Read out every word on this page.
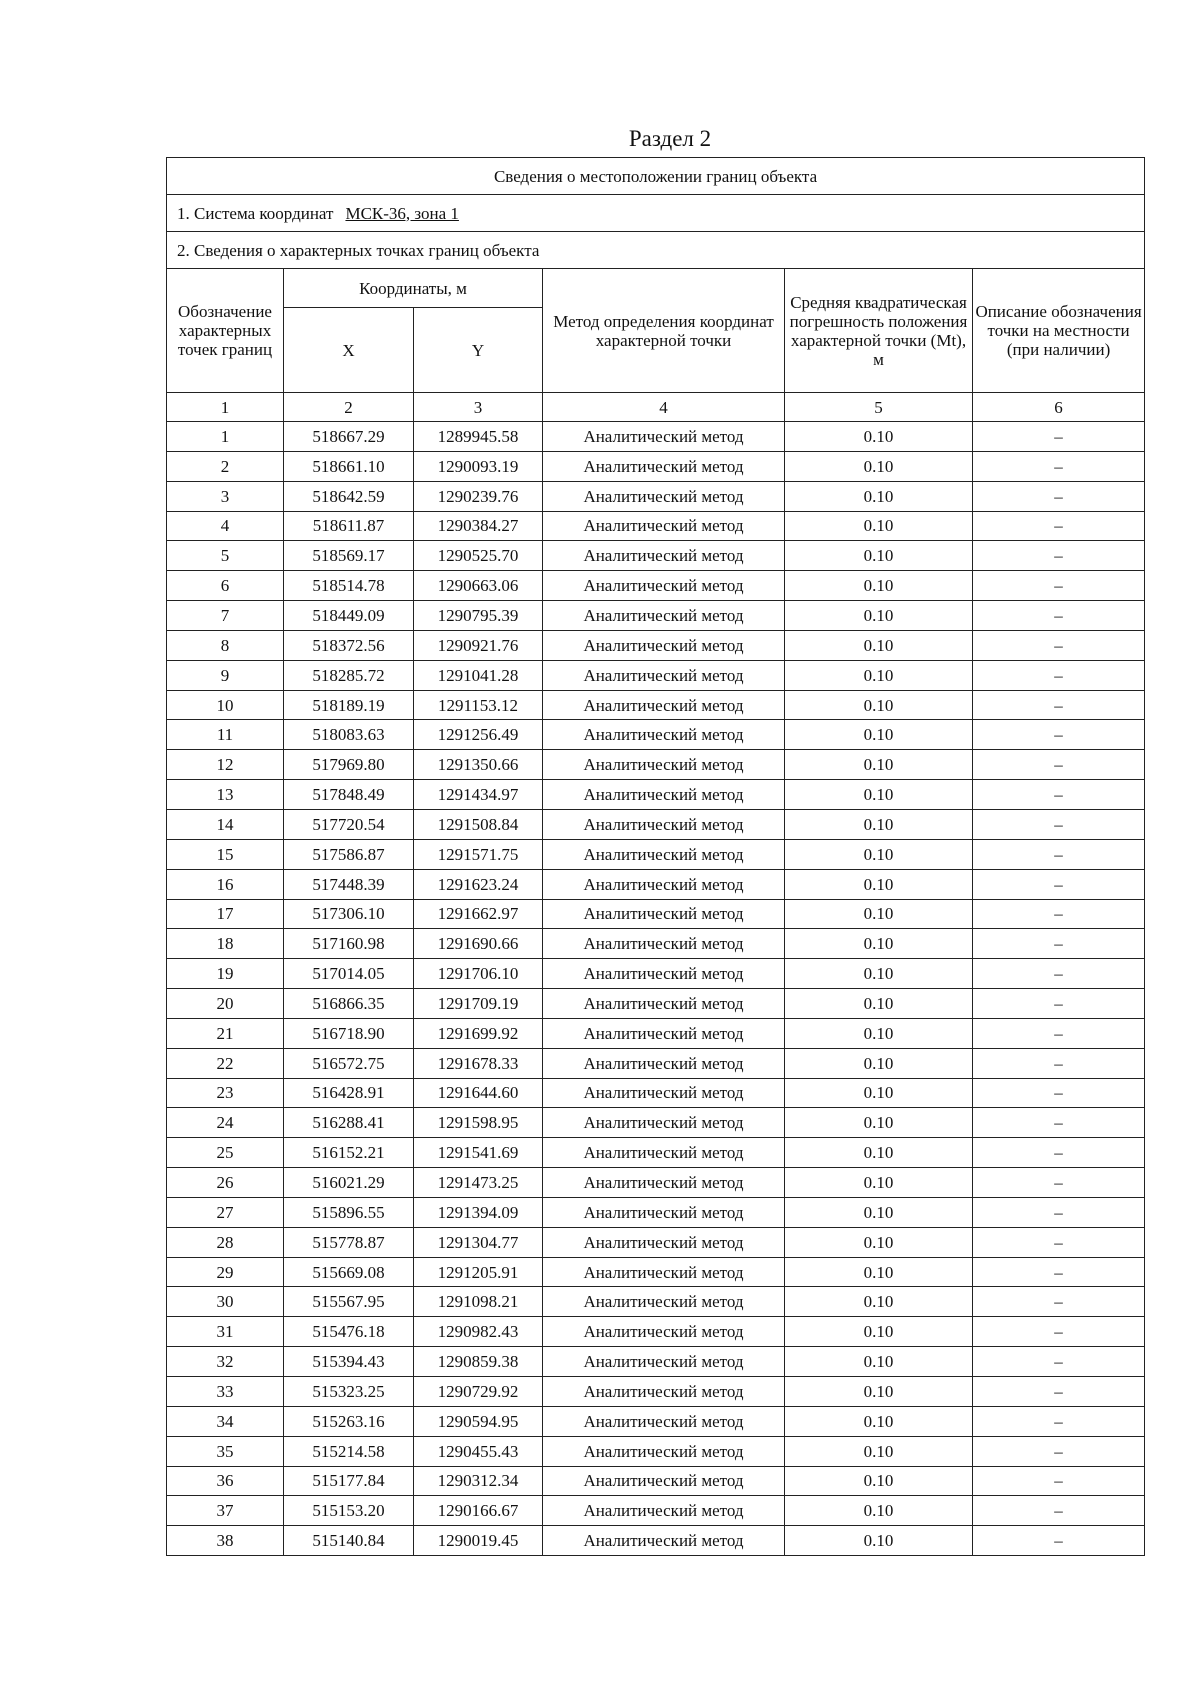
Раздел 2
Сведения о местоположении границ объекта					
1. Система координат МСК-36, зона 1					
2. Сведения о характерных точках границ объекта					
Обозначение характерных точек границ	Координаты, м		Метод определения координат характерной точки	Средняя квадратическая погрешность положения характерной точки (Mt), м	Описание обозначения точки на местности (при наличии)
	X	Y			
1	2	3	4	5	6
1	518667.29	1289945.58	Аналитический метод	0.10	–
2	518661.10	1290093.19	Аналитический метод	0.10	–
3	518642.59	1290239.76	Аналитический метод	0.10	–
4	518611.87	1290384.27	Аналитический метод	0.10	–
5	518569.17	1290525.70	Аналитический метод	0.10	–
6	518514.78	1290663.06	Аналитический метод	0.10	–
7	518449.09	1290795.39	Аналитический метод	0.10	–
8	518372.56	1290921.76	Аналитический метод	0.10	–
9	518285.72	1291041.28	Аналитический метод	0.10	–
10	518189.19	1291153.12	Аналитический метод	0.10	–
11	518083.63	1291256.49	Аналитический метод	0.10	–
12	517969.80	1291350.66	Аналитический метод	0.10	–
13	517848.49	1291434.97	Аналитический метод	0.10	–
14	517720.54	1291508.84	Аналитический метод	0.10	–
15	517586.87	1291571.75	Аналитический метод	0.10	–
16	517448.39	1291623.24	Аналитический метод	0.10	–
17	517306.10	1291662.97	Аналитический метод	0.10	–
18	517160.98	1291690.66	Аналитический метод	0.10	–
19	517014.05	1291706.10	Аналитический метод	0.10	–
20	516866.35	1291709.19	Аналитический метод	0.10	–
21	516718.90	1291699.92	Аналитический метод	0.10	–
22	516572.75	1291678.33	Аналитический метод	0.10	–
23	516428.91	1291644.60	Аналитический метод	0.10	–
24	516288.41	1291598.95	Аналитический метод	0.10	–
25	516152.21	1291541.69	Аналитический метод	0.10	–
26	516021.29	1291473.25	Аналитический метод	0.10	–
27	515896.55	1291394.09	Аналитический метод	0.10	–
28	515778.87	1291304.77	Аналитический метод	0.10	–
29	515669.08	1291205.91	Аналитический метод	0.10	–
30	515567.95	1291098.21	Аналитический метод	0.10	–
31	515476.18	1290982.43	Аналитический метод	0.10	–
32	515394.43	1290859.38	Аналитический метод	0.10	–
33	515323.25	1290729.92	Аналитический метод	0.10	–
34	515263.16	1290594.95	Аналитический метод	0.10	–
35	515214.58	1290455.43	Аналитический метод	0.10	–
36	515177.84	1290312.34	Аналитический метод	0.10	–
37	515153.20	1290166.67	Аналитический метод	0.10	–
38	515140.84	1290019.45	Аналитический метод	0.10	–
